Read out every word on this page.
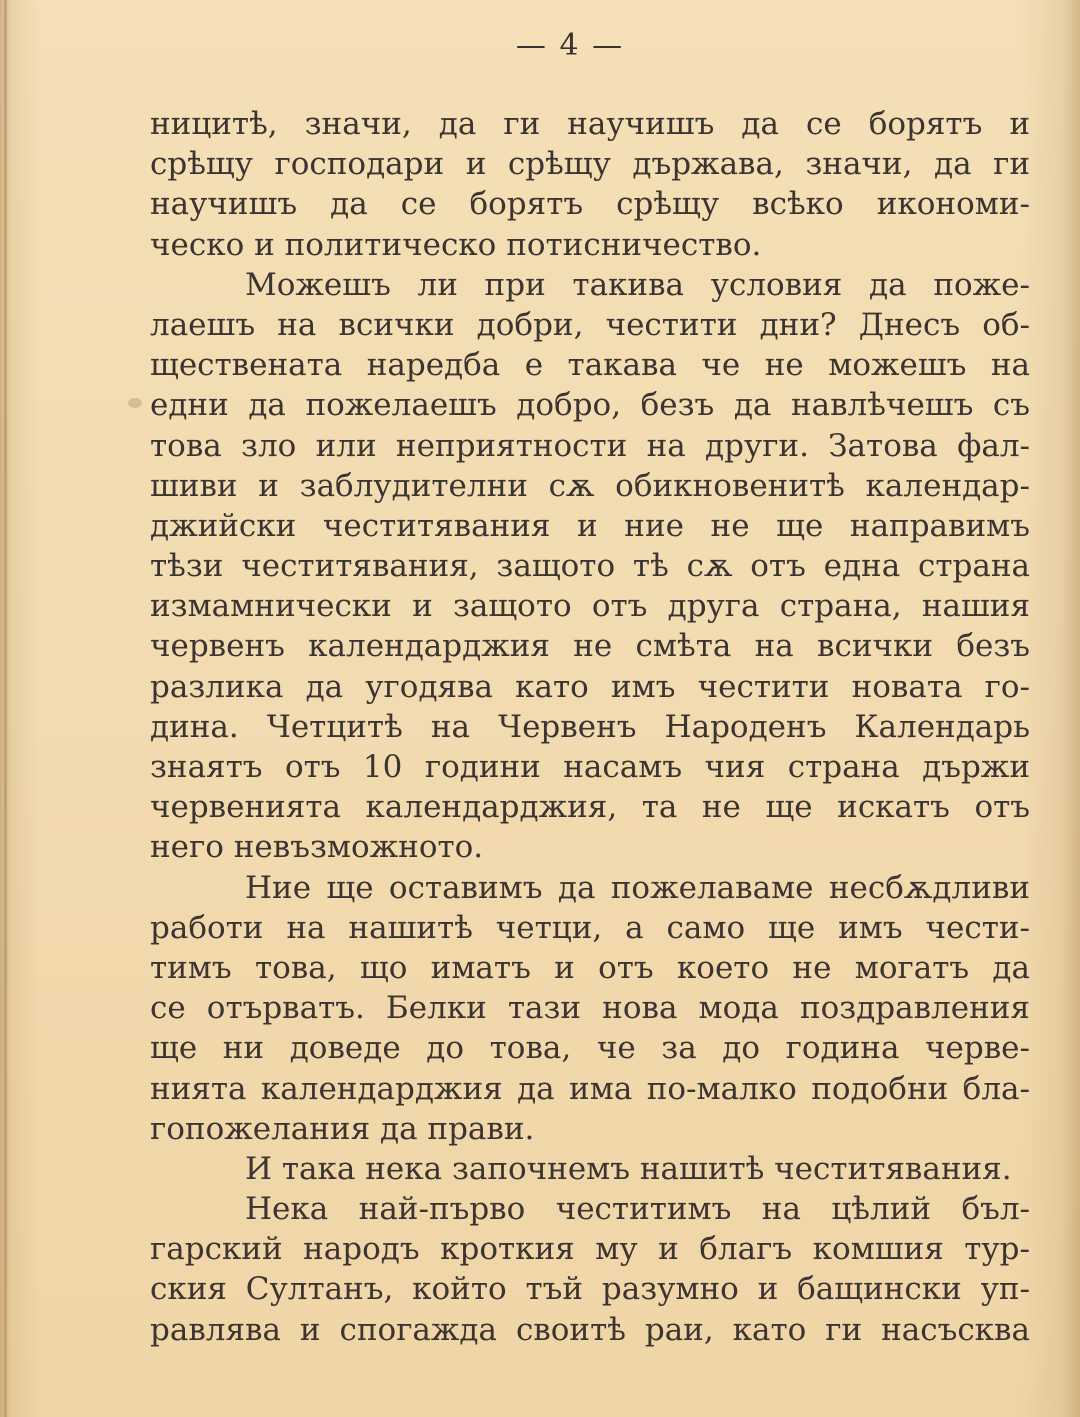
— 4 —
ницитѣ, значи, да ги научишъ да се борятъ и
срѣщу господари и срѣщу държава, значи, да ги
научишъ да се борятъ срѣщу всѣко икономи-
ческо и политическо потисничество.
Можешъ ли при такива условия да поже-
лаешъ на всички добри, честити дни? Днесъ об-
ществената наредба е такава че не можешъ на
едни да пожелаешъ добро, безъ да навлѣчешъ съ
това зло или неприятности на други. Затова фал-
шиви и заблудителни сѫ обикновенитѣ календар-
джийски честитявания и ние не ще направимъ
тѣзи честитявания, защото тѣ сѫ отъ една страна
измамнически и защото отъ друга страна, нашия
червенъ календарджия не смѣта на всички безъ
разлика да угодява като имъ честити новата го-
дина. Четцитѣ на Червенъ Народенъ Календарь
знаятъ отъ 10 години насамъ чия страна държи
червенията календарджия, та не ще искатъ отъ
него невъзможното.
Ние ще оставимъ да пожелаваме несбѫдливи
работи на нашитѣ четци, а само ще имъ чести-
тимъ това, що иматъ и отъ което не могатъ да
се отърватъ. Белки тази нова мода поздравления
ще ни доведе до това, че за до година черве-
нията календарджия да има по-малко подобни бла-
гопожелания да прави.
И така нека започнемъ нашитѣ честитявания.
Нека най-първо честитимъ на цѣлий бъл-
гарский народъ кроткия му и благъ комшия тур-
ския Султанъ, който тъй разумно и бащински уп-
равлява и спогажда своитѣ раи, като ги насъсква
